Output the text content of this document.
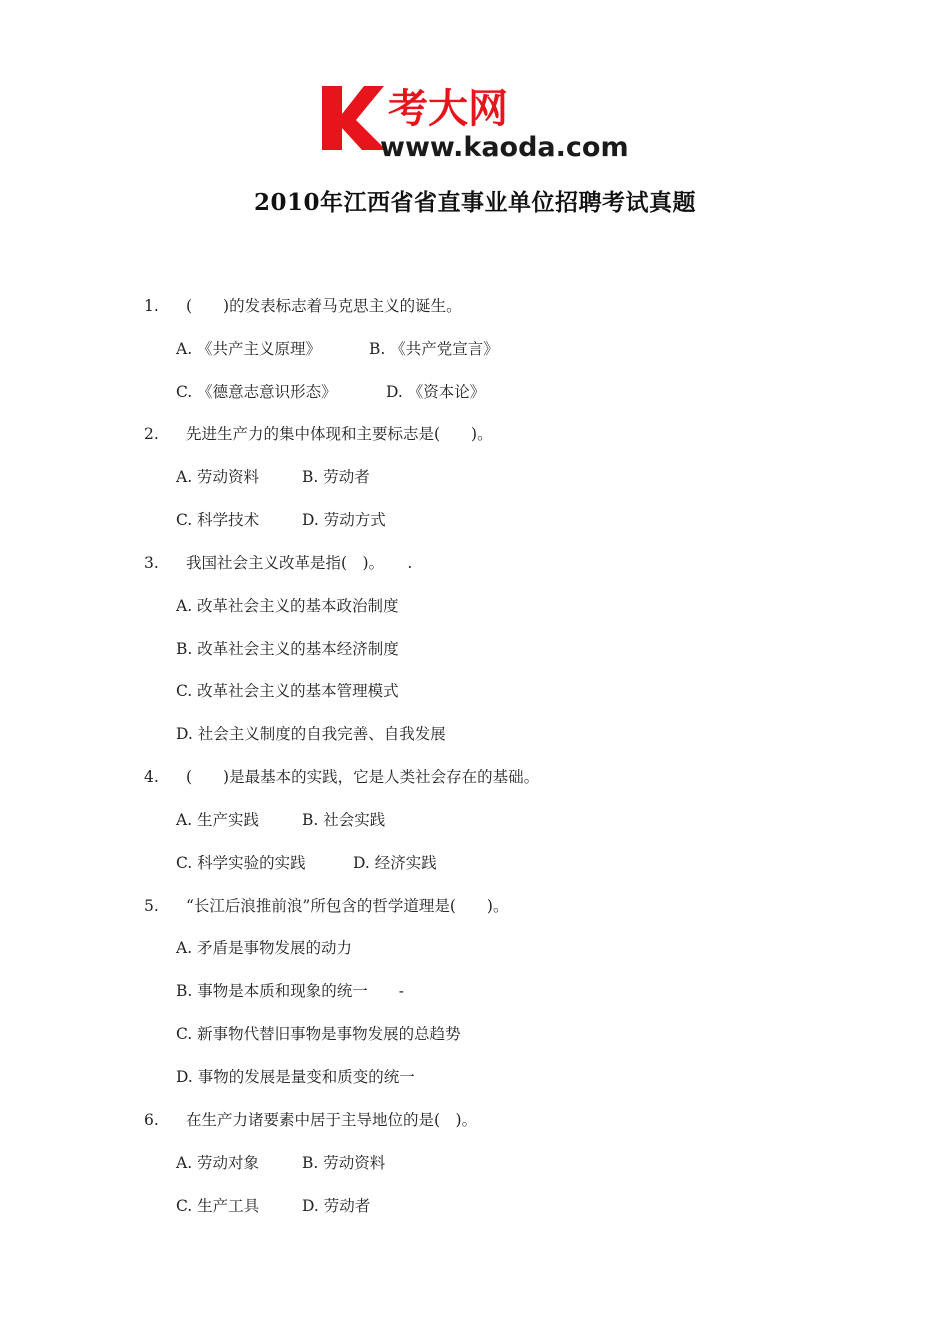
考大网
www.kaoda.com
2010年江西省省直事业单位招聘考试真题
1. (　　)的发表标志着马克思主义的诞生。
A. 《共产主义原理》	B. 《共产党宣言》
C. 《德意志意识形态》	D. 《资本论》
2. 先进生产力的集中体现和主要标志是(　　)。
A. 劳动资料	B. 劳动者
C. 科学技术	D. 劳动方式
3. 我国社会主义改革是指(　)。　　.
A. 改革社会主义的基本政治制度
B. 改革社会主义的基本经济制度
C. 改革社会主义的基本管理模式
D. 社会主义制度的自我完善、自我发展
4. (　　)是最基本的实践，它是人类社会存在的基础。
A. 生产实践	B. 社会实践
C. 科学实验的实践	D. 经济实践
5. “长江后浪推前浪”所包含的哲学道理是(　　)。
A. 矛盾是事物发展的动力
B. 事物是本质和现象的统一　　-
C. 新事物代替旧事物是事物发展的总趋势
D. 事物的发展是量变和质变的统一
6. 在生产力诸要素中居于主导地位的是(　)。
A. 劳动对象	B. 劳动资料
C. 生产工具	D. 劳动者
